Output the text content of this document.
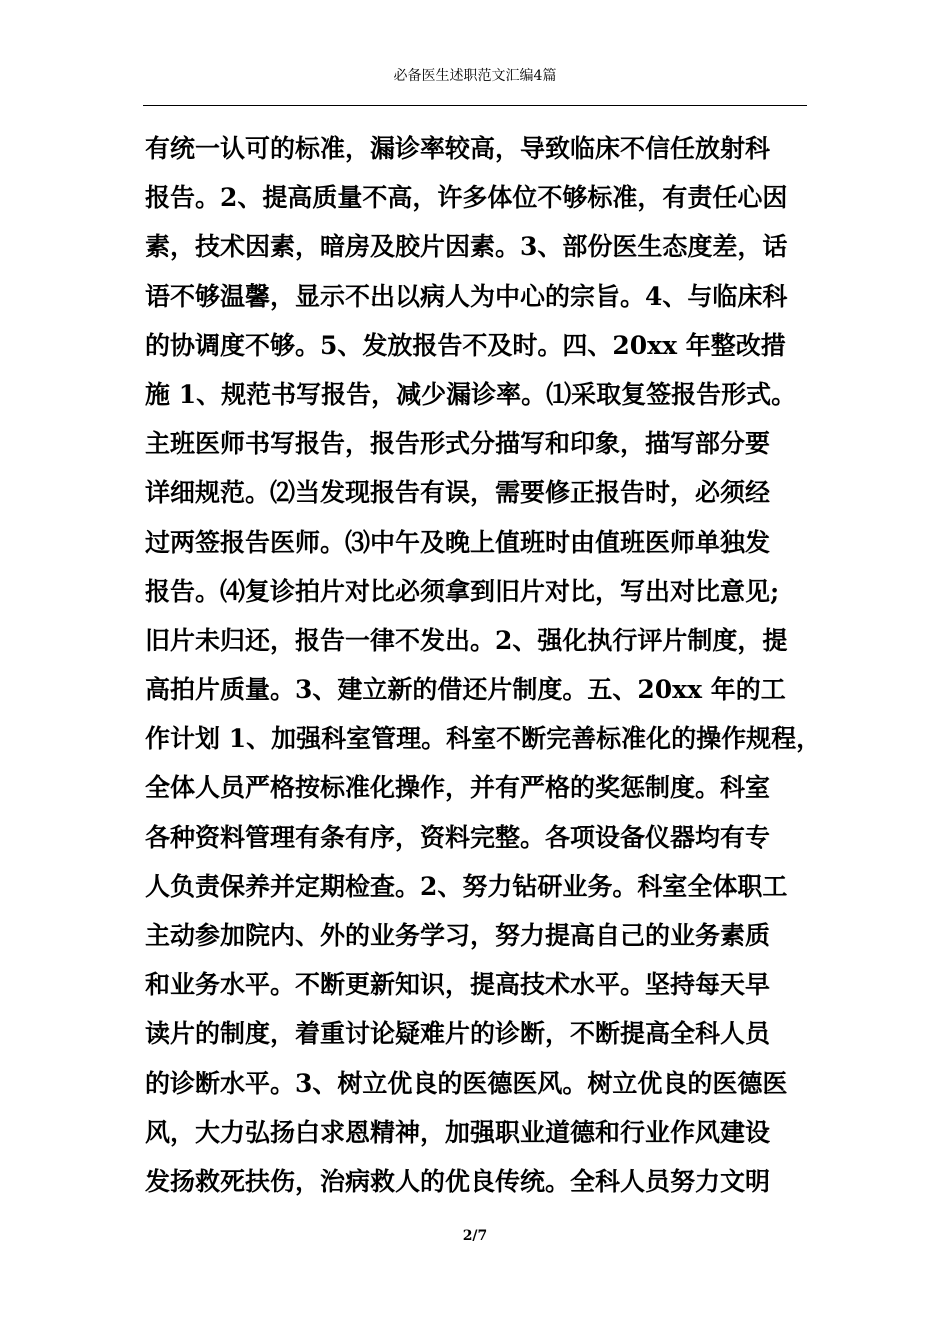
必备医生述职范文汇编4篇
有统一认可的标准，漏诊率较高，导致临床不信任放射科
报告。2、提高质量不高，许多体位不够标准，有责任心因
素，技术因素，暗房及胶片因素。3、部份医生态度差，话
语不够温馨，显示不出以病人为中心的宗旨。4、与临床科
的协调度不够。5、发放报告不及时。四、20xx 年整改措
施 1、规范书写报告，减少漏诊率。⑴采取复签报告形式。
主班医师书写报告，报告形式分描写和印象，描写部分要
详细规范。⑵当发现报告有误，需要修正报告时，必须经
过两签报告医师。⑶中午及晚上值班时由值班医师单独发
报告。⑷复诊拍片对比必须拿到旧片对比，写出对比意见;
旧片未归还，报告一律不发出。2、强化执行评片制度，提
高拍片质量。3、建立新的借还片制度。五、20xx 年的工
作计划 1、加强科室管理。科室不断完善标准化的操作规程，
全体人员严格按标准化操作，并有严格的奖惩制度。科室
各种资料管理有条有序，资料完整。各项设备仪器均有专
人负责保养并定期检查。2、努力钻研业务。科室全体职工
主动参加院内、外的业务学习，努力提高自己的业务素质
和业务水平。不断更新知识，提高技术水平。坚持每天早
读片的制度，着重讨论疑难片的诊断，不断提高全科人员
的诊断水平。3、树立优良的医德医风。树立优良的医德医
风，大力弘扬白求恩精神，加强职业道德和行业作风建设
发扬救死扶伤，治病救人的优良传统。全科人员努力文明
2/7
